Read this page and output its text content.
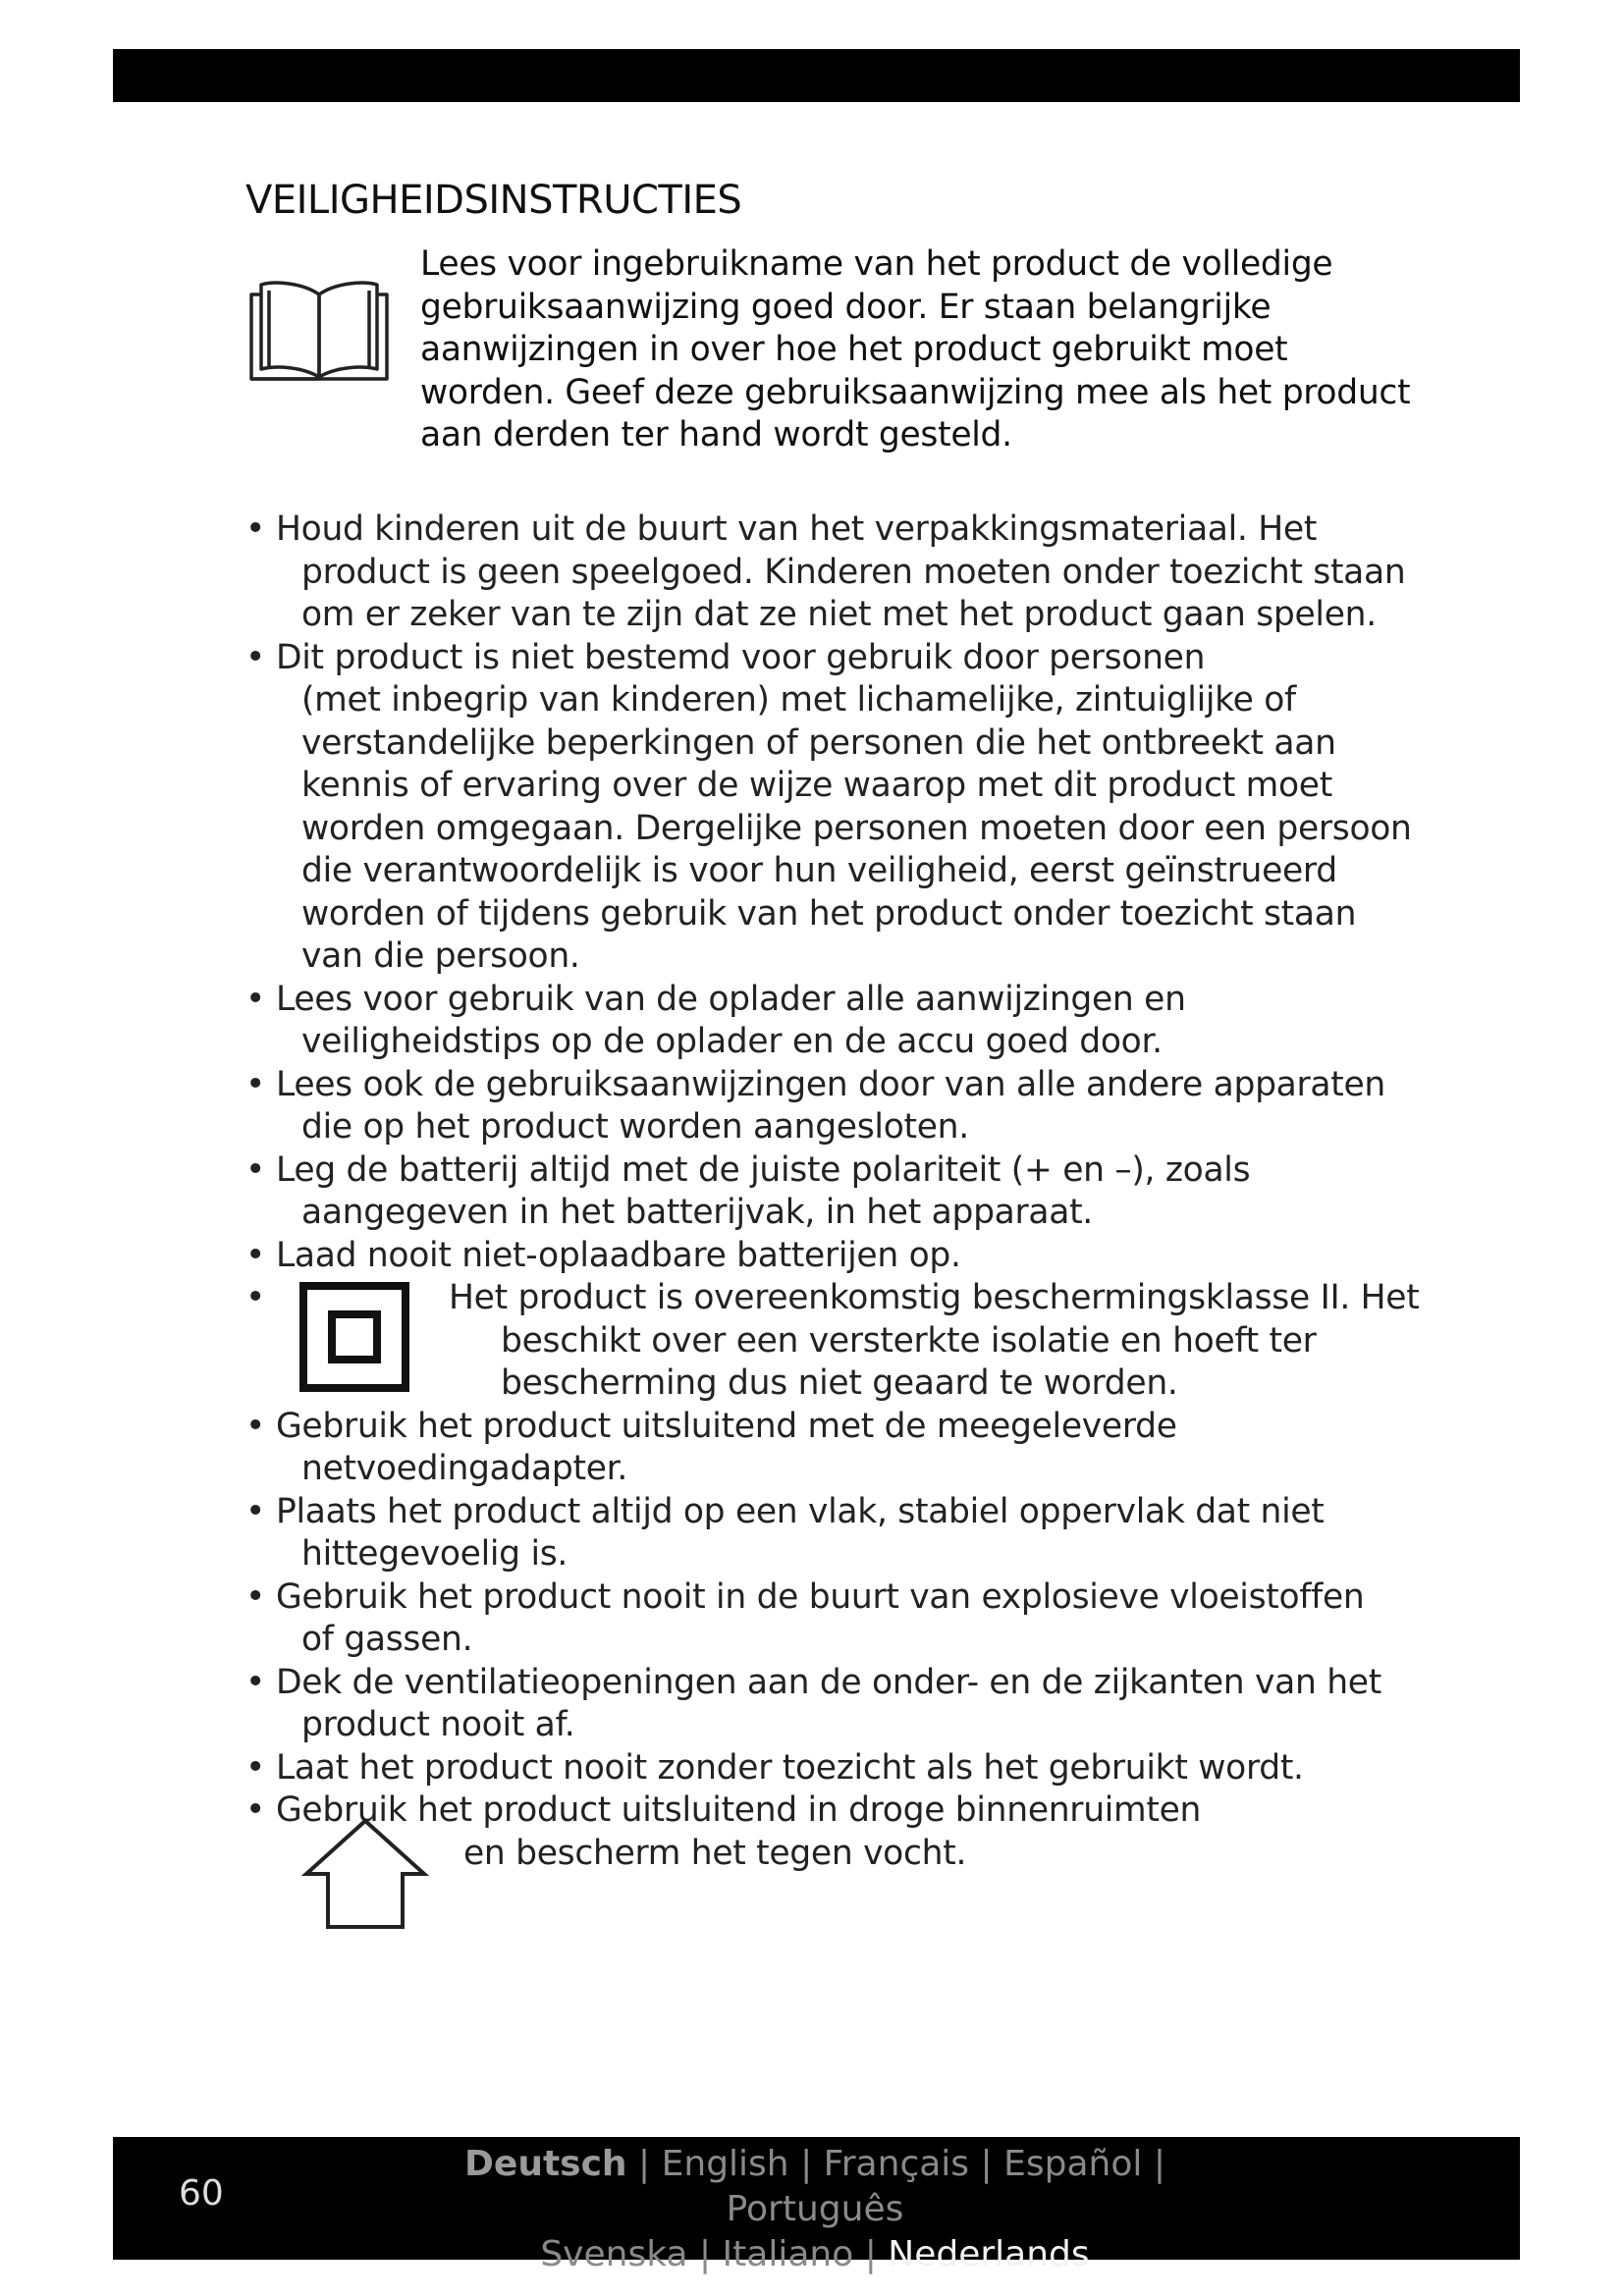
VEILIGHEIDSINSTRUCTIES

Lees voor ingebruikname van het product de volledige gebruiksaanwijzing goed door. Er staan belangrijke aanwijzingen in over hoe het product gebruikt moet worden. Geef deze gebruiksaanwijzing mee als het product aan derden ter hand wordt gesteld.

• Houd kinderen uit de buurt van het verpakkingsmateriaal. Het
product is geen speelgoed. Kinderen moeten onder toezicht staan om er zeker van te zijn dat ze niet met het product gaan spelen.
• Dit product is niet bestemd voor gebruik door personen
(met inbegrip van kinderen) met lichamelijke, zintuiglijke of verstandelijke beperkingen of personen die het ontbreekt aan kennis of ervaring over de wijze waarop met dit product moet worden omgegaan. Dergelijke personen moeten door een persoon die verantwoordelijk is voor hun veiligheid, eerst geïnstrueerd worden of tijdens gebruik van het product onder toezicht staan van die persoon.
• Lees voor gebruik van de oplader alle aanwijzingen en
veiligheidstips op de oplader en de accu goed door.
• Lees ook de gebruiksaanwijzingen door van alle andere apparaten
die op het product worden aangesloten.
• Leg de batterij altijd met de juiste polariteit (+ en –), zoals
aangegeven in het batterijvak, in het apparaat.
• Laad nooit niet-oplaadbare batterijen op.
•	Het product is overeenkomstig beschermingsklasse II. Het
beschikt over een versterkte isolatie en hoeft ter bescherming dus niet geaard te worden.
• Gebruik het product uitsluitend met de meegeleverde
netvoedingadapter.
• Plaats het product altijd op een vlak, stabiel oppervlak dat niet
hittegevoelig is.
• Gebruik het product nooit in de buurt van explosieve vloeistoffen
of gassen.
• Dek de ventilatieopeningen aan de onder- en de zijkanten van het
product nooit af.
• Laat het product nooit zonder toezicht als het gebruikt wordt.
• Gebruik het product uitsluitend in droge binnenruimten
en bescherm het tegen vocht.
60
Deutsch | English | Français | Español | Português
Svenska | Italiano | Nederlands
